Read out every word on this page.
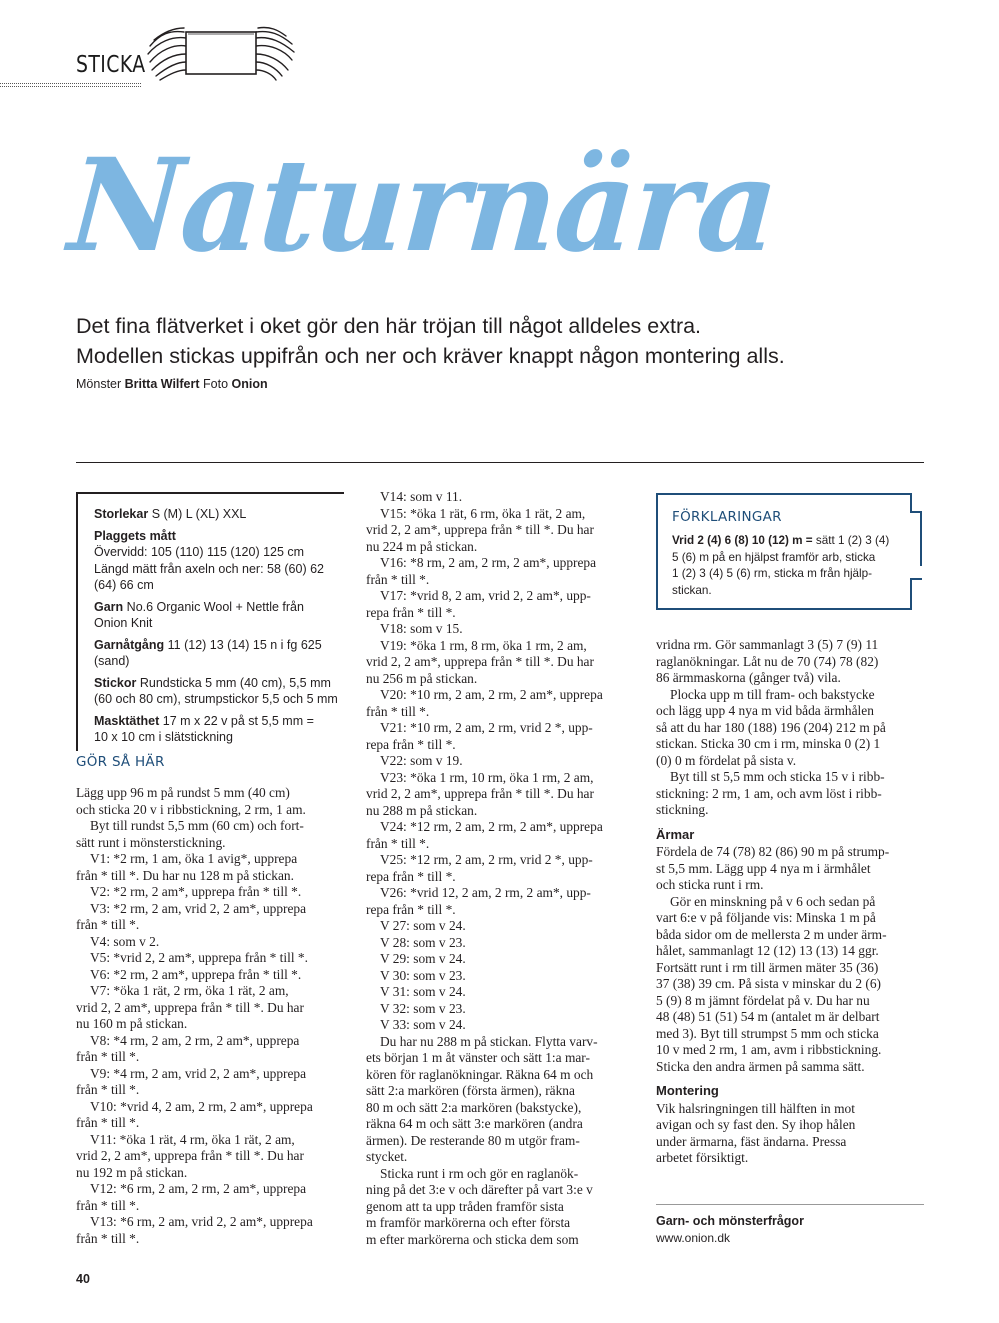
STICKA
Naturnära

Det fina flätverket i oket gör den här tröjan till något alldeles extra.

Modellen stickas uppifrån och ner och kräver knappt någon montering alls.

Mönster Britta Wilfert Foto Onion
Storlekar S (M) L (XL) XXL
Plaggets mått
Övervidd: 105 (110) 115 (120) 125 cm
Längd mätt från axeln och ner: 58 (60) 62
(64) 66 cm
Garn No.6 Organic Wool + Nettle från
Onion Knit
Garnåtgång 11 (12) 13 (14) 15 n i fg 625 (sand)
Stickor Rundsticka 5 mm (40 cm), 5,5 mm
(60 och 80 cm), strumpstickor 5,5 och 5 mm
Masktäthet 17 m x 22 v på st 5,5 mm =
10 x 10 cm i slätstickning
GÖR SÅ HÄR

Lägg upp 96 m på rundst 5 mm (40 cm)

och sticka 20 v i ribbstickning, 2 rm, 1 am.

Byt till rundst 5,5 mm (60 cm) och fort-

sätt runt i mönsterstickning.

V1: *2 rm, 1 am, öka 1 avig*, upprepa

från * till *. Du har nu 128 m på stickan.

V2: *2 rm, 2 am*, upprepa från * till *.

V3: *2 rm, 2 am, vrid 2, 2 am*, upprepa

från * till *.

V4: som v 2.

V5: *vrid 2, 2 am*, upprepa från * till *.

V6: *2 rm, 2 am*, upprepa från * till *.

V7: *öka 1 rät, 2 rm, öka 1 rät, 2 am,

vrid 2, 2 am*, upprepa från * till *. Du har

nu 160 m på stickan.

V8: *4 rm, 2 am, 2 rm, 2 am*, upprepa

från * till *.

V9: *4 rm, 2 am, vrid 2, 2 am*, upprepa

från * till *.

V10: *vrid 4, 2 am, 2 rm, 2 am*, upprepa

från * till *.

V11: *öka 1 rät, 4 rm, öka 1 rät, 2 am,

vrid 2, 2 am*, upprepa från * till *. Du har

nu 192 m på stickan.

V12: *6 rm, 2 am, 2 rm, 2 am*, upprepa

från * till *.

V13: *6 rm, 2 am, vrid 2, 2 am*, upprepa

från * till *.

V14: som v 11.

V15: *öka 1 rät, 6 rm, öka 1 rät, 2 am,

vrid 2, 2 am*, upprepa från * till *. Du har

nu 224 m på stickan.

V16: *8 rm, 2 am, 2 rm, 2 am*, upprepa

från * till *.

V17: *vrid 8, 2 am, vrid 2, 2 am*, upp-

repa från * till *.

V18: som v 15.

V19: *öka 1 rm, 8 rm, öka 1 rm, 2 am,

vrid 2, 2 am*, upprepa från * till *. Du har

nu 256 m på stickan.

V20: *10 rm, 2 am, 2 rm, 2 am*, upprepa

från * till *.

V21: *10 rm, 2 am, 2 rm, vrid 2 *, upp-

repa från * till *.

V22: som v 19.

V23: *öka 1 rm, 10 rm, öka 1 rm, 2 am,

vrid 2, 2 am*, upprepa från * till *. Du har

nu 288 m på stickan.

V24: *12 rm, 2 am, 2 rm, 2 am*, upprepa

från * till *.

V25: *12 rm, 2 am, 2 rm, vrid 2 *, upp-

repa från * till *.

V26: *vrid 12, 2 am, 2 rm, 2 am*, upp-

repa från * till *.

V 27: som v 24.

V 28: som v 23.

V 29: som v 24.

V 30: som v 23.

V 31: som v 24.

V 32: som v 23.

V 33: som v 24.

Du har nu 288 m på stickan. Flytta varv-

ets början 1 m åt vänster och sätt 1:a mar-

kören för raglanökningar. Räkna 64 m och

sätt 2:a markören (första ärmen), räkna

80 m och sätt 2:a markören (bakstycke),

räkna 64 m och sätt 3:e markören (andra

ärmen). De resterande 80 m utgör fram-

stycket.

Sticka runt i rm och gör en raglanök-

ning på det 3:e v och därefter på vart 3:e v

genom att ta upp tråden framför sista

m framför markörerna och efter första

m efter markörerna och sticka dem som

FÖRKLARINGAR

Vrid 2 (4) 6 (8) 10 (12) m = sätt 1 (2) 3 (4)

5 (6) m på en hjälpst framför arb, sticka

1 (2) 3 (4) 5 (6) rm, sticka m från hjälp-

stickan.

vridna rm. Gör sammanlagt 3 (5) 7 (9) 11

raglanökningar. Låt nu de 70 (74) 78 (82)

86 ärmmaskorna (gånger två) vila.

Plocka upp m till fram- och bakstycke

och lägg upp 4 nya m vid båda ärmhålen

så att du har 180 (188) 196 (204) 212 m på

stickan. Sticka 30 cm i rm, minska 0 (2) 1

(0) 0 m fördelat på sista v.

Byt till st 5,5 mm och sticka 15 v i ribb-

stickning: 2 rm, 1 am, och avm löst i ribb-

stickning.

Ärmar

Fördela de 74 (78) 82 (86) 90 m på strump-

st 5,5 mm. Lägg upp 4 nya m i ärmhålet

och sticka runt i rm.

Gör en minskning på v 6 och sedan på

vart 6:e v på följande vis: Minska 1 m på

båda sidor om de mellersta 2 m under ärm-

hålet, sammanlagt 12 (12) 13 (13) 14 ggr.

Fortsätt runt i rm till ärmen mäter 35 (36)

37 (38) 39 cm. På sista v minskar du 2 (6)

5 (9) 8 m jämnt fördelat på v. Du har nu

48 (48) 51 (51) 54 m (antalet m är delbart

med 3). Byt till strumpst 5 mm och sticka

10 v med 2 rm, 1 am, avm i ribbstickning.

Sticka den andra ärmen på samma sätt.

Montering

Vik halsringningen till hälften in mot

avigan och sy fast den. Sy ihop hålen

under ärmarna, fäst ändarna. Pressa

arbetet försiktigt.

Garn- och mönsterfrågor
www.onion.dk
40
